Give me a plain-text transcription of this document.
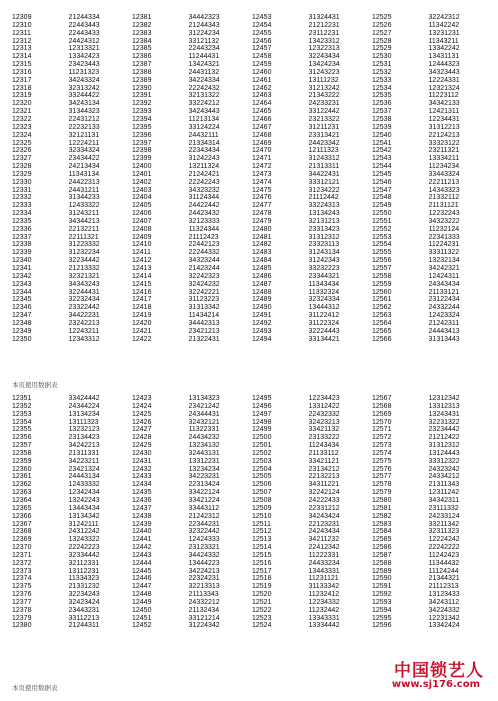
12309	21244334	12381	34442323	12453	31324431	12525	32242312
12310	22443443	12382	21244343	12454	21212231	12526	11342242
12311	22443433	12383	31224234	12455	23112231	12527	13231231
12312	24424312	12384	33121132	12456	13423312	12528	11343211
12313	12313321	12385	22443234	12457	12322313	12529	13342242
12314	13342423	12386	11244431	12458	32243434	12530	13431131
12315	23423443	12387	13424321	12459	13424234	12531	12444323
12316	11231323	12388	24431132	12460	31243223	12532	34323443
12317	34243324	12389	34224334	12461	13111232	12533	12224331
12318	32313242	12390	22242432	12462	31213242	12534	12321324
12319	33244422	12391	32131322	12463	21343222	12535	11223112
12320	34243134	12392	33224212	12464	24233231	12536	34342133
12321	31344323	12393	34243443	12465	33122442	12537	12421311
12322	22431212	12394	11213134	12466	23213322	12538	12234431
12323	22232133	12395	33124224	12467	31211231	12539	31312213
12324	32121131	12396	24432111	12468	23313421	12540	22124213
12325	12224211	12397	21334314	12469	24423342	12541	33323122
12326	32334324	12398	22343434	12470	12111323	12542	23211321
12327	23434422	12399	31242243	12471	31243312	12543	13334211
12328	24213434	12400	13211324	12472	21313311	12544	11234234
12329	11343134	12401	21242421	12473	34422431	12545	33443324
12330	24422313	12402	22242243	12474	33312121	12546	22211213
12331	24431211	12403	34323232	12475	31234222	12547	14343323
12332	31344233	12404	31124344	12476	21112442	12548	21332112
12333	12433322	12405	24422442	12477	33224313	12549	21131121
12334	31243211	12406	24423432	12478	13134243	12550	12232243
12335	34344213	12407	32123333	12479	32131213	12551	34323222
12336	22132211	12408	11324344	12480	23313423	12552	11232124
12337	22111321	12409	21112423	12481	31312312	12553	22341333
12338	31223332	12410	22442123	12482	23323113	12554	11224231
12339	31232234	12411	22244332	12483	31243134	12555	33311322
12340	32234442	12412	34323244	12484	31242343	12556	13232134
12341	21213332	12413	21423244	12485	33232223	12557	34242321
12342	32321321	12414	32242323	12486	23344321	12558	12424311
12343	34343243	12415	32424232	12487	11343434	12559	24343434
12344	32244431	12416	32242221	12488	11332324	12560	21133121
12345	32232434	12417	31123223	12489	32324334	12561	23122434
12346	23322442	12418	31313342	12490	13444312	12562	24332244
12347	34422231	12419	11434214	12491	31122412	12563	12423324
12348	23242213	12420	34442313	12492	31122324	12564	21242311
12349	12243211	12421	23421213	12493	32224443	12565	24443413
12350	12343312	12422	21322431	12494	33134421	12566	31313443
本页使用数据表
12351	33424442	12423	13134323	12495	12234423	12567	12312342
12352	24344224	12424	23421242	12496	13312422	12568	13312313
12353	13134234	12425	24344431	12497	22432332	12569	13243431
12354	13111323	12426	32432121	12498	32423213	12570	32231322
12355	13232123	12427	11322331	12499	33421132	12571	23234442
12356	23134423	12428	24434232	12500	23133222	12572	21212422
12357	34242213	12429	13234132	12501	11243434	12573	31312312
12358	21311331	12430	32443131	12502	21133112	12574	13124443
12359	34223211	12431	13312231	12503	33421121	12575	33312322
12360	23421324	12432	13234234	12504	23134212	12576	24323242
12361	24443134	12433	34223231	12505	22132213	12577	24334212
12362	12433332	12434	22313424	12506	34311221	12578	21311343
12363	12342434	12435	33422124	12507	32242124	12579	12311242
12364	13242243	12436	33421224	12508	24222433	12580	34342311
12365	13443434	12437	33443112	12509	22331212	12581	23111332
12366	13134342	12438	21242312	12510	34243424	12582	24233124
12367	31242111	12439	22344231	12511	22123231	12583	33211342
12368	24312242	12440	32322442	12512	24243434	12584	32311323
12369	13243322	12441	12424333	12513	34211232	12585	12224242
12370	22242223	12442	23123321	12514	22412342	12586	22242222
12371	32334442	12443	34424332	12515	11222331	12587	11242423
12372	32112331	12444	13444223	12516	24433234	12588	11344432
12373	13112231	12445	34224213	12517	13443331	12589	11124244
12374	11334323	12446	22324231	12518	11231121	12590	21344321
12375	21331232	12447	32213313	12519	31133342	12591	21112313
12376	32234243	12448	21113343	12520	11232412	12592	13123433
12377	32423424	12449	24332212	12521	12234332	12593	34243112
12378	23443231	12450	21132434	12522	11232442	12594	34224332
12379	33112213	12451	33121214	12523	13343331	12595	12231342
12380	21244311	12452	31224342	12524	13334442	12596	13342424
本页使用数据表
中国锁艺人
www.sj176.com
